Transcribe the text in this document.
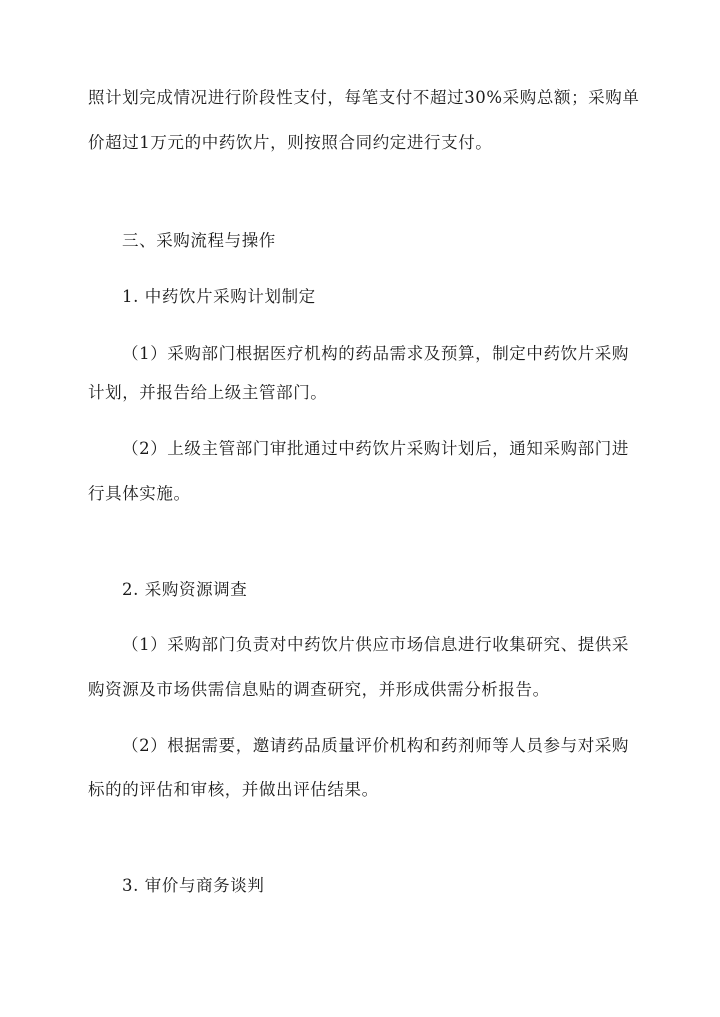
照计划完成情况进行阶段性支付，每笔支付不超过30%采购总额；采购单
价超过1万元的中药饮片，则按照合同约定进行支付。
三、采购流程与操作
1. 中药饮片采购计划制定
（1）采购部门根据医疗机构的药品需求及预算，制定中药饮片采购
计划，并报告给上级主管部门。
（2）上级主管部门审批通过中药饮片采购计划后，通知采购部门进
行具体实施。
2. 采购资源调查
（1）采购部门负责对中药饮片供应市场信息进行收集研究、提供采
购资源及市场供需信息贴的调查研究，并形成供需分析报告。
（2）根据需要，邀请药品质量评价机构和药剂师等人员参与对采购
标的的评估和审核，并做出评估结果。
3. 审价与商务谈判
